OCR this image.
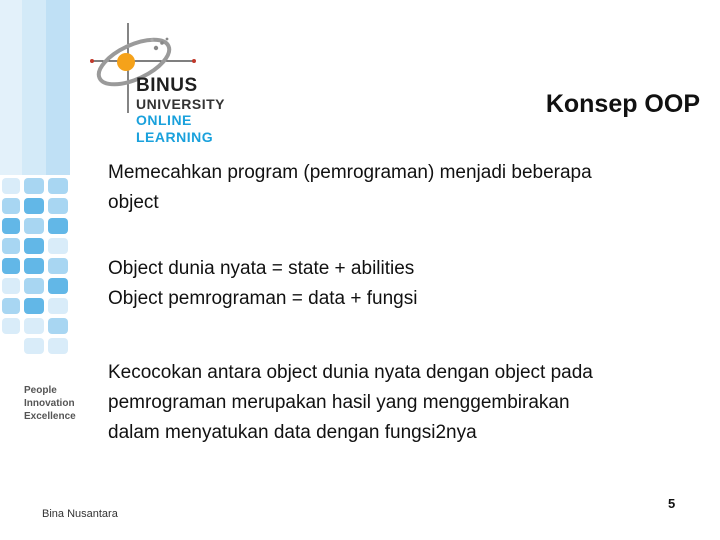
BINUS
UNIVERSITY
ONLINE
LEARNING
Konsep OOP

Memecahkan program (pemrograman) menjadi beberapa
object

Object dunia nyata = state + abilities
Object pemrograman = data + fungsi

Kecocokan antara object dunia nyata dengan object pada
pemrograman merupakan hasil yang menggembirakan
dalam menyatukan data dengan fungsi2nya

People
Innovation
Excellence
Bina Nusantara
5
